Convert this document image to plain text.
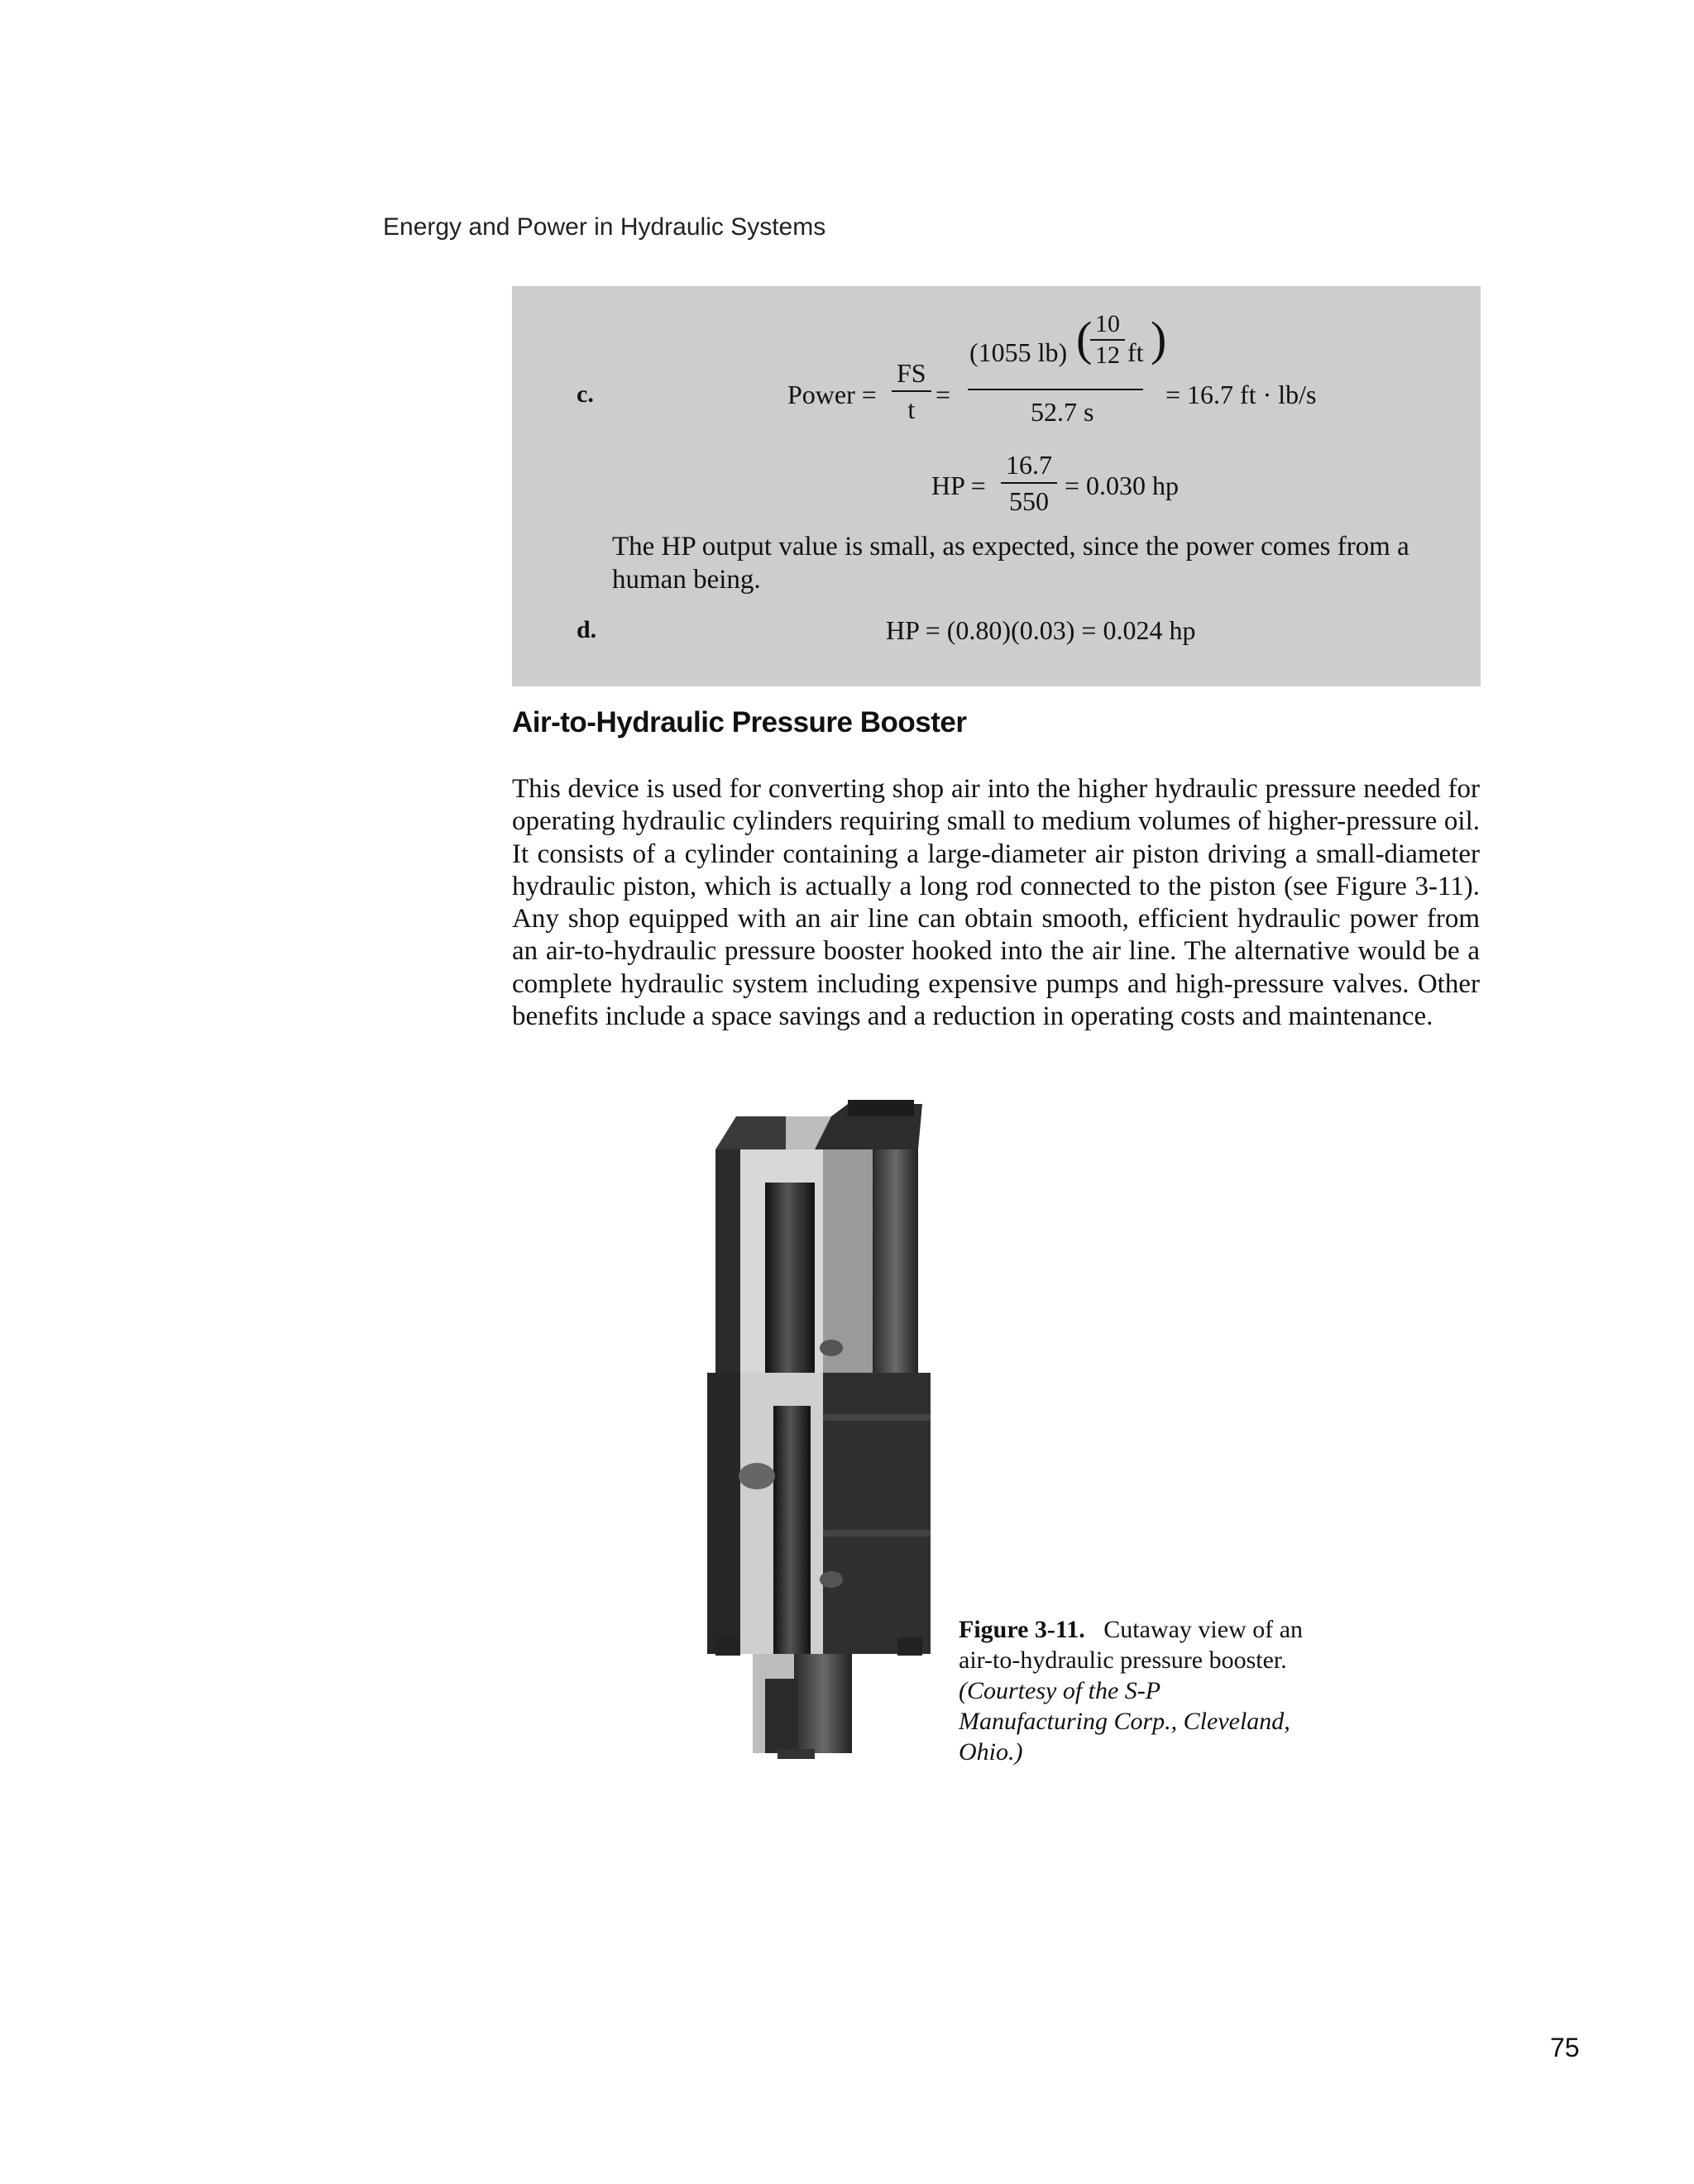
Energy and Power in Hydraulic Systems
c.	Power = $\frac{FS}{t}$ =
(1055 lb) (
$\frac{10}{12}$ ft )
52.7 s
= 16.7 ft · lb/s
HP = $\frac{16.7}{550} = 0.030$ hp
The HP output value is small, as expected, since the power comes from a human being.
d.	HP = (0.80)(0.03) = 0.024 hp
Air-to-Hydraulic Pressure Booster
This device is used for converting shop air into the higher hydraulic pressure needed for operating hydraulic cylinders requiring small to medium volumes of higher-pressure oil. It consists of a cylinder containing a large-diameter air piston driving a small-diameter hydraulic piston, which is actually a long rod connected to the piston (see Figure 3-11). Any shop equipped with an air line can obtain smooth, efficient hydraulic power from an air-to-hydraulic pressure booster hooked into the air line. The alternative would be a complete hydraulic system including expensive pumps and high-pressure valves. Other benefits include a space savings and a reduction in operating costs and maintenance.
Figure 3-11. Cutaway view of an air-to-hydraulic pressure booster. (Courtesy of the S-P Manufacturing Corp., Cleveland, Ohio.)
75
